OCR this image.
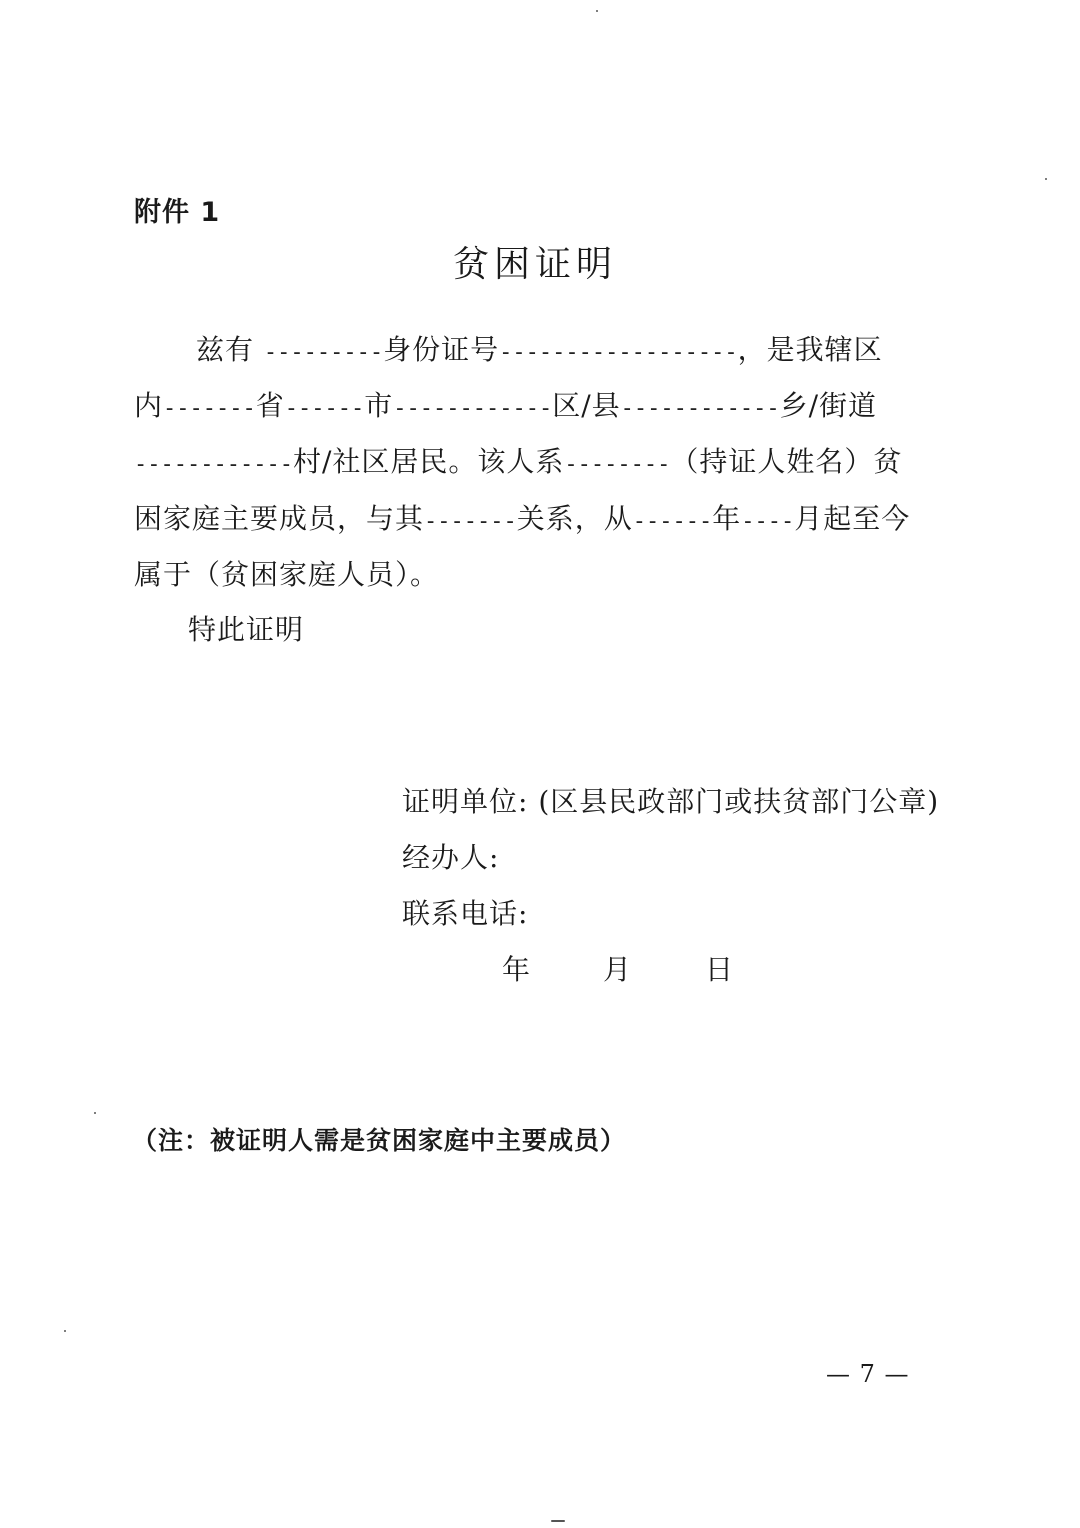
附件 1
贫困证明
兹有 ---------身份证号------------------，是我辖区
内-------省------市------------区/县------------乡/街道
------------村/社区居民。该人系--------（持证人姓名）贫
困家庭主要成员，与其-------关系，从------年----月起至今
属于（贫困家庭人员）。
特此证明
证明单位: (区县民政部门或扶贫部门公章)
经办人:
联系电话:
年	月	日
（注：被证明人需是贫困家庭中主要成员）
— 7 —
